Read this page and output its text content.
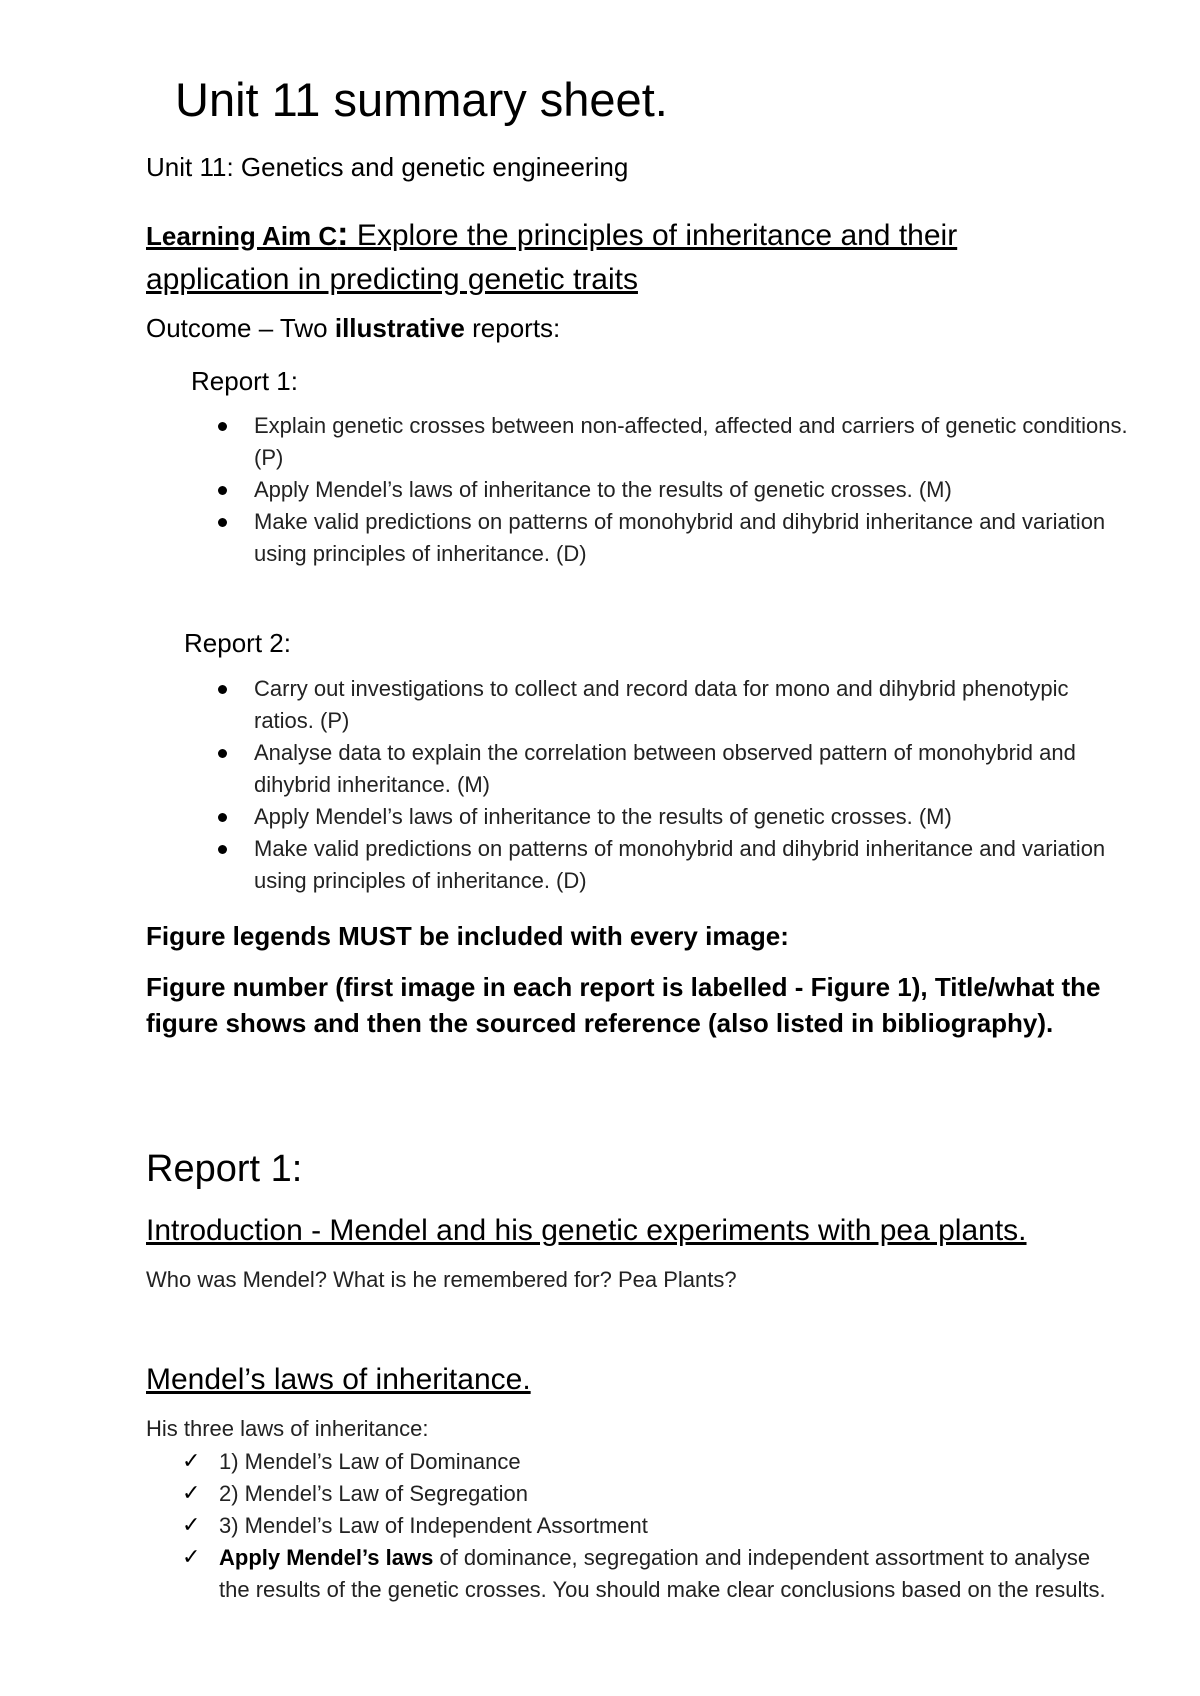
Unit 11 summary sheet.

Unit 11: Genetics and genetic engineering

Learning Aim C: Explore the principles of inheritance and their application in predicting genetic traits

Outcome – Two illustrative reports:

Report 1:

Explain genetic crosses between non-affected, affected and carriers of genetic conditions. (P)
Apply Mendel’s laws of inheritance to the results of genetic crosses. (M)
Make valid predictions on patterns of monohybrid and dihybrid inheritance and variation using principles of inheritance. (D)

Report 2:

Carry out investigations to collect and record data for mono and dihybrid phenotypic ratios. (P)
Analyse data to explain the correlation between observed pattern of monohybrid and dihybrid inheritance. (M)
Apply Mendel’s laws of inheritance to the results of genetic crosses. (M)
Make valid predictions on patterns of monohybrid and dihybrid inheritance and variation using principles of inheritance. (D)

Figure legends MUST be included with every image:

Figure number (first image in each report is labelled - Figure 1), Title/what the figure shows and then the sourced reference (also listed in bibliography).

Report 1:
Introduction - Mendel and his genetic experiments with pea plants.

Who was Mendel? What is he remembered for? Pea Plants?

Mendel’s laws of inheritance.

His three laws of inheritance:

✓ 1) Mendel’s Law of Dominance
✓ 2) Mendel’s Law of Segregation
✓ 3) Mendel’s Law of Independent Assortment
✓ Apply Mendel’s laws of dominance, segregation and independent assortment to analyse the results of the genetic crosses. You should make clear conclusions based on the results.
